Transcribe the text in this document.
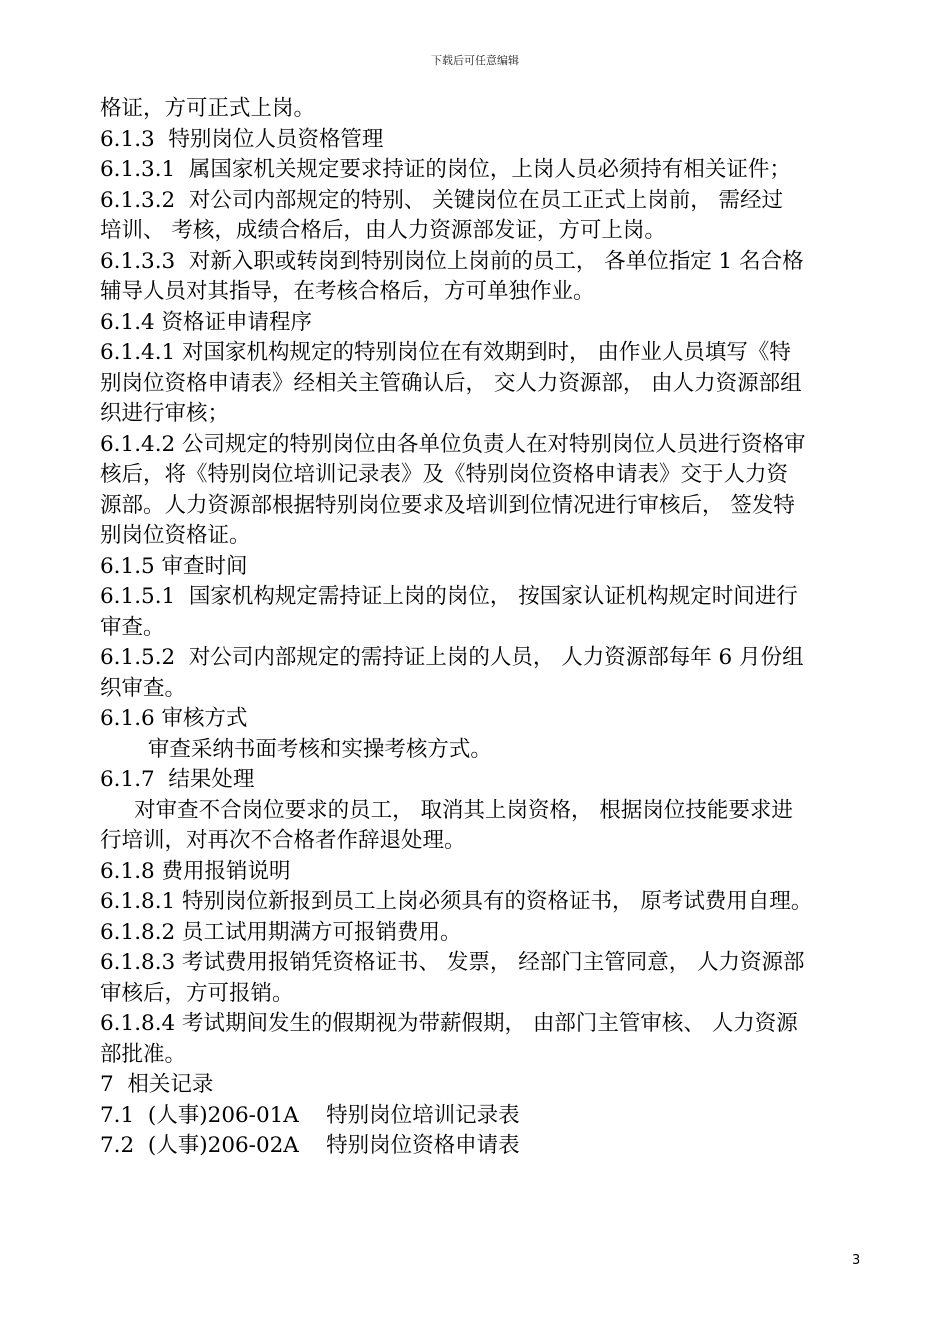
下载后可任意编辑
格证，方可正式上岗。
6.1.3  特别岗位人员资格管理
6.1.3.1  属国家机关规定要求持证的岗位，上岗人员必须持有相关证件；
6.1.3.2  对公司内部规定的特别、 关键岗位在员工正式上岗前， 需经过
培训、 考核，成绩合格后，由人力资源部发证，方可上岗。
6.1.3.3  对新入职或转岗到特别岗位上岗前的员工， 各单位指定 1 名合格
辅导人员对其指导，在考核合格后，方可单独作业。
6.1.4 资格证申请程序
6.1.4.1 对国家机构规定的特别岗位在有效期到时， 由作业人员填写《特
别岗位资格申请表》经相关主管确认后， 交人力资源部， 由人力资源部组
织进行审核；
6.1.4.2 公司规定的特别岗位由各单位负责人在对特别岗位人员进行资格审
核后，将《特别岗位培训记录表》及《特别岗位资格申请表》交于人力资
源部。人力资源部根据特别岗位要求及培训到位情况进行审核后， 签发特
别岗位资格证。
6.1.5 审查时间
6.1.5.1  国家机构规定需持证上岗的岗位， 按国家认证机构规定时间进行
审查。
6.1.5.2  对公司内部规定的需持证上岗的人员， 人力资源部每年 6 月份组
织审查。
6.1.6 审核方式
审查采纳书面考核和实操考核方式。
6.1.7  结果处理
对审查不合岗位要求的员工， 取消其上岗资格， 根据岗位技能要求进
行培训，对再次不合格者作辞退处理。
6.1.8 费用报销说明
6.1.8.1 特别岗位新报到员工上岗必须具有的资格证书， 原考试费用自理。
6.1.8.2 员工试用期满方可报销费用。
6.1.8.3 考试费用报销凭资格证书、 发票， 经部门主管同意， 人力资源部
审核后，方可报销。
6.1.8.4 考试期间发生的假期视为带薪假期， 由部门主管审核、 人力资源
部批准。
7  相关记录
7.1  (人事)206-01A    特别岗位培训记录表
7.2  (人事)206-02A    特别岗位资格申请表
3
